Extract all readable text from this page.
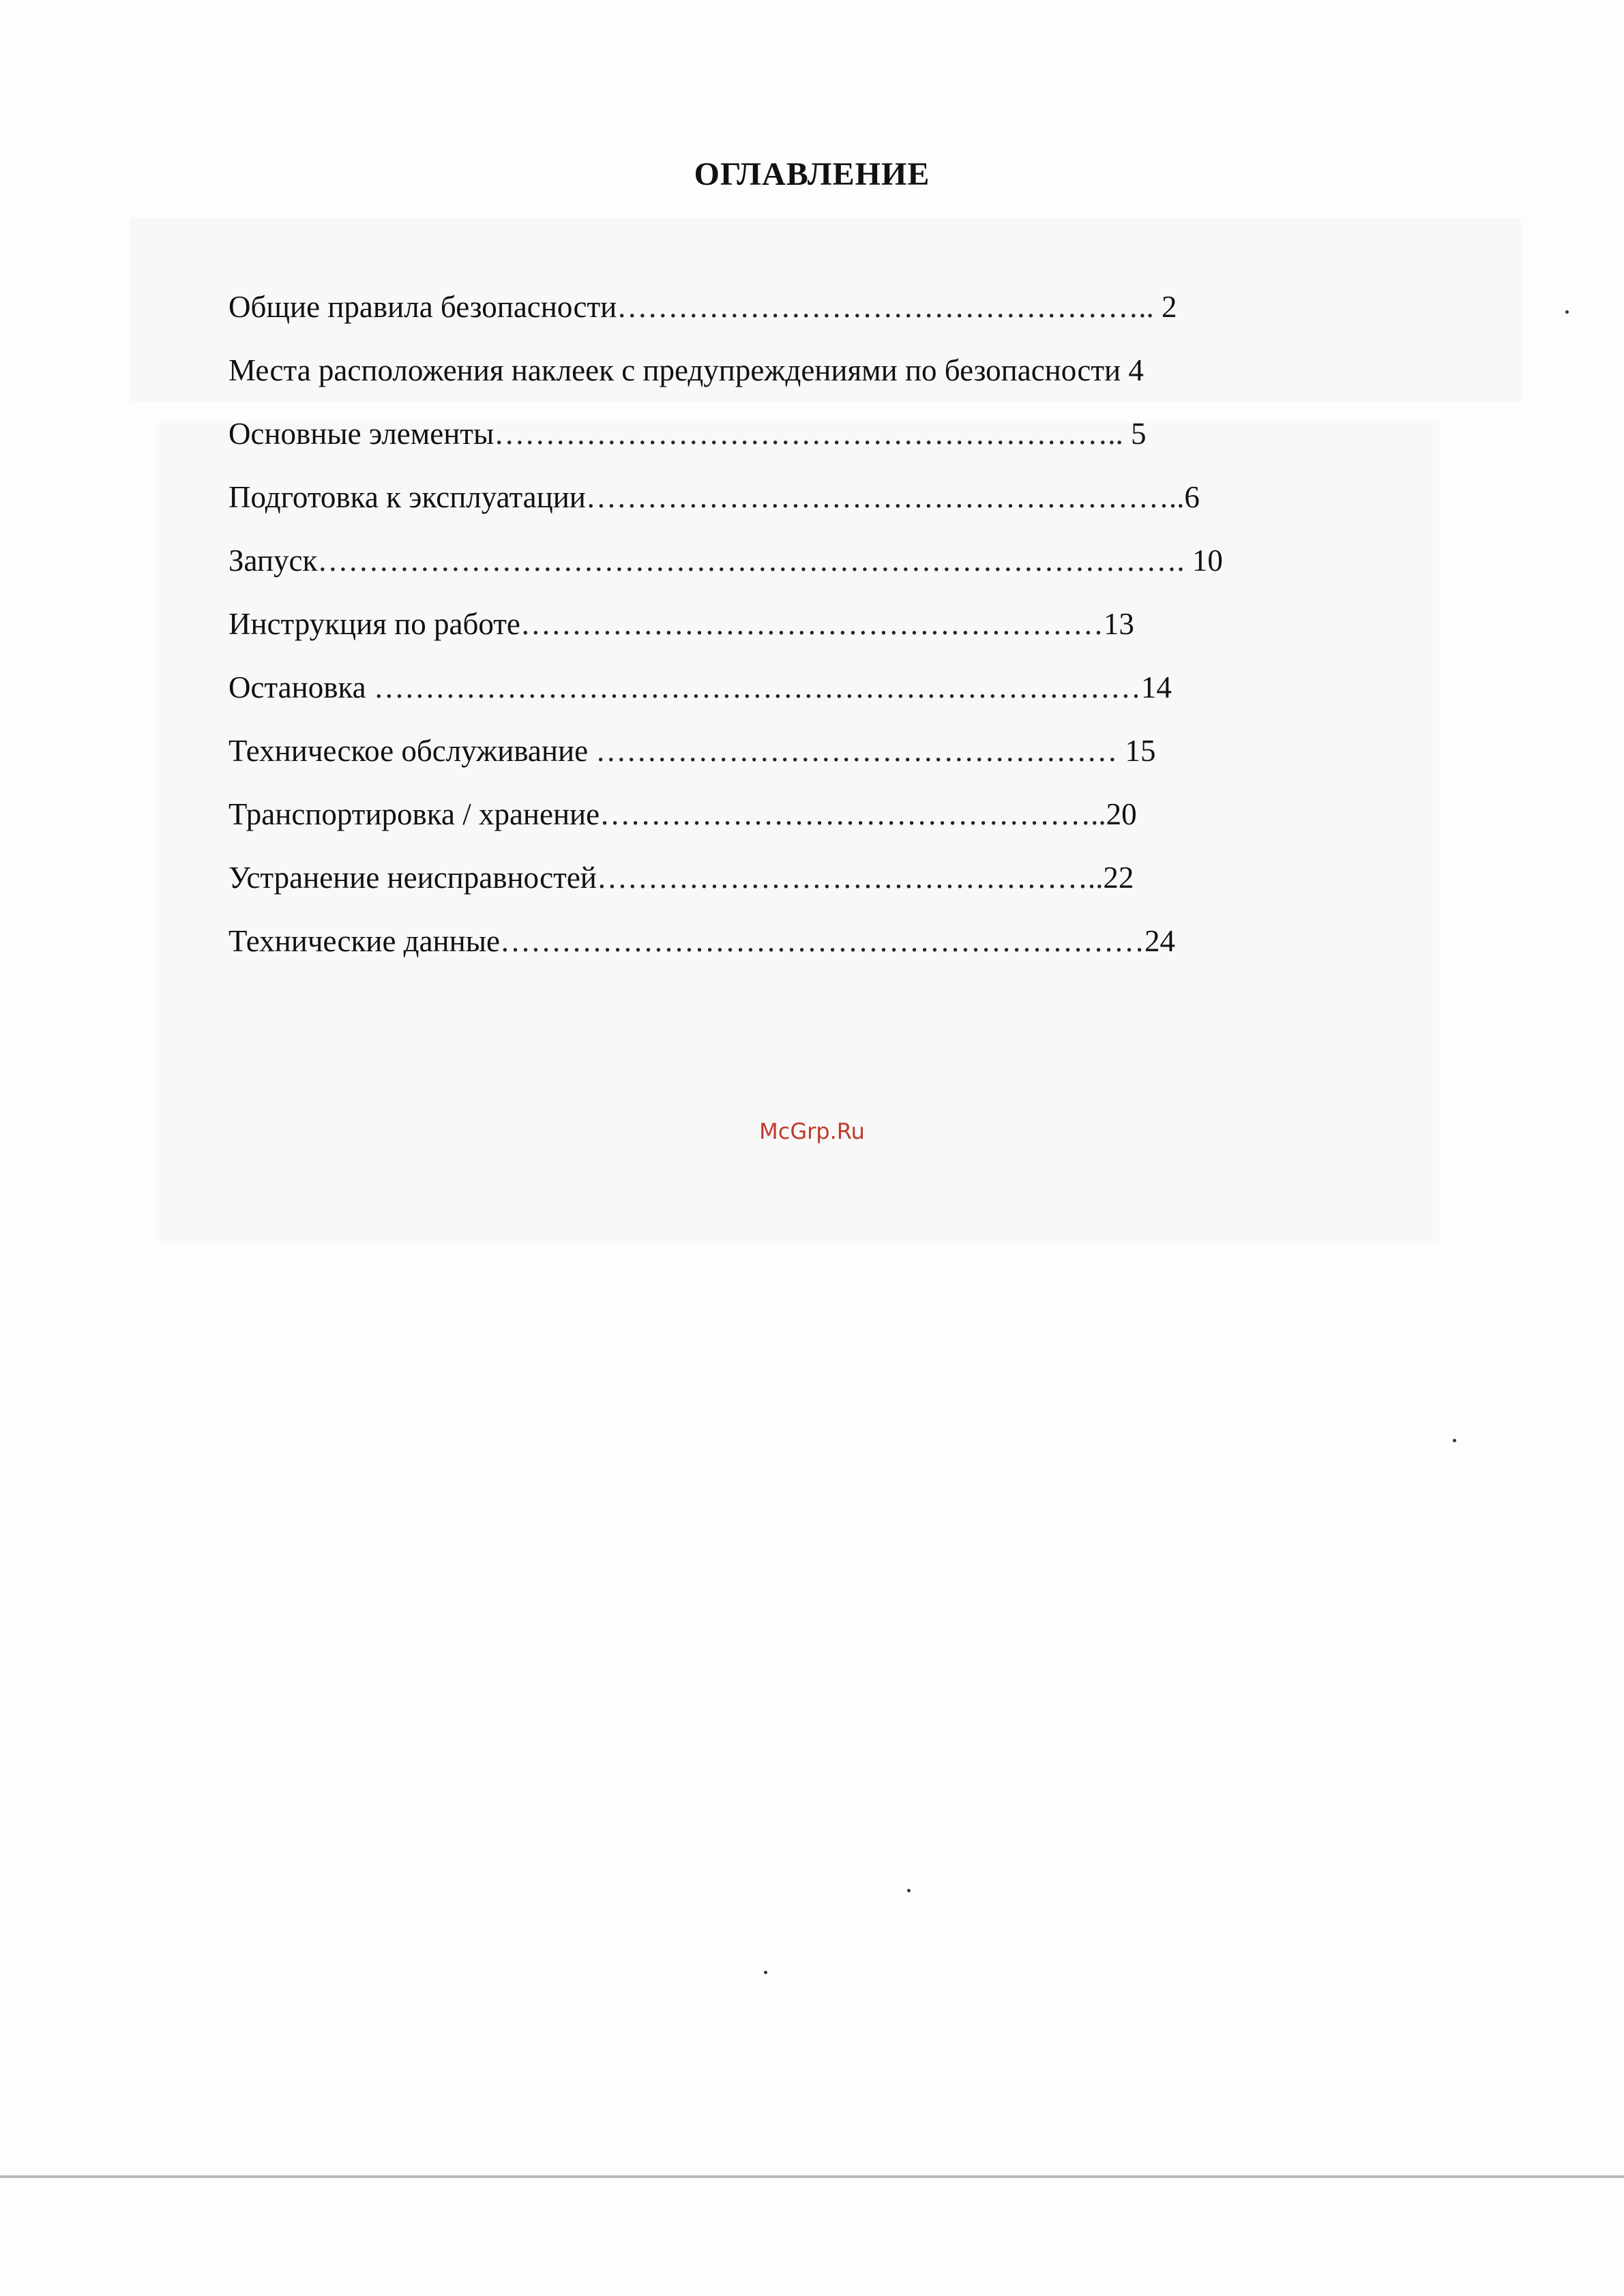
ОГЛАВЛЕНИЕ
Общие правила безопасности…………………………………………….. 2
Места расположения наклеек с предупреждениями по безопасности 4
Основные элементы…………………………………………………….. 5
Подготовка к эксплуатации…………………………………………………..6
Запуск…………………………………………………………………………. 10
Инструкция по работе…………………………………………………13
Остановка …………………………………………………………………14
Техническое обслуживание …………………………………………… 15
Транспортировка / хранение…………………………………………..20
Устранение неисправностей…………………………………………..22
Технические данные………………………………………………………24

McGrp.Ru
